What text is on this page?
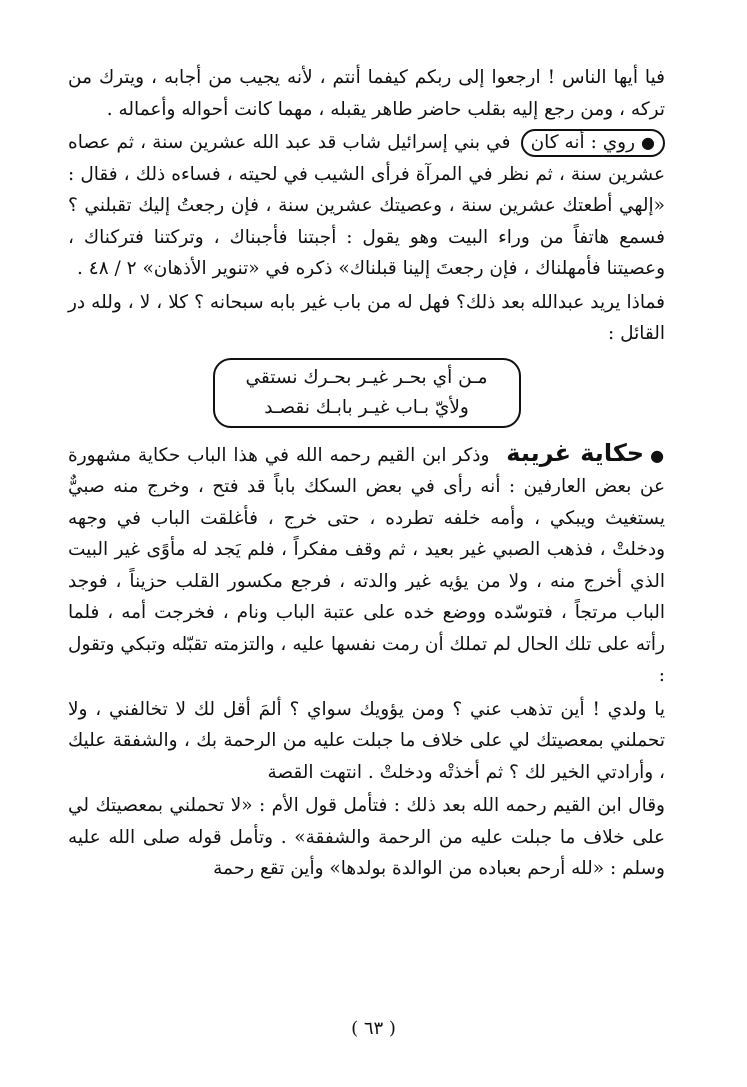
فيا أيها الناس ! ارجعوا إلى ربكم كيفما أنتم ، لأنه يجيب من أجابه ، ويترك من تركه ، ومن رجع إليه بقلب حاضر طاهر يقبله ، مهما كانت أحواله وأعماله .

●روي : أنه كان في بني إسرائيل شاب قد عبد الله عشرين سنة ، ثم عصاه عشرين سنة ، ثم نظر في المرآة فرأى الشيب في لحيته ، فساءه ذلك ، فقال : «إلهي أطعتك عشرين سنة ، وعصيتك عشرين سنة ، فإن رجعتُ إليك تقبلني ؟ فسمع هاتفاً من وراء البيت وهو يقول : أجبتنا فأجبناك ، وتركتنا فتركناك ، وعصيتنا فأمهلناك ، فإن رجعتَ إلينا قبلناك» ذكره في «تنوير الأذهان» ٢ / ٤٨ .

فماذا يريد عبدالله بعد ذلك؟ فهل له من باب غير بابه سبحانه ؟ كلا ، لا ، ولله در القائل :

مـن أي بحـر غيـر بحـرك نستقي
ولأيّ بـاب غيـر بابـك نقصـد

●حكاية غريبة وذكر ابن القيم رحمه الله في هذا الباب حكاية مشهورة عن بعض العارفين : أنه رأى في بعض السكك باباً قد فتح ، وخرج منه صبيٌّ يستغيث ويبكي ، وأمه خلفه تطرده ، حتى خرج ، فأغلقت الباب في وجهه ودخلتْ ، فذهب الصبي غير بعيد ، ثم وقف مفكراً ، فلم يَجد له مأوًى غير البيت الذي أخرج منه ، ولا من يؤيه غير والدته ، فرجع مكسور القلب حزيناً ، فوجد الباب مرتجاً ، فتوسّده ووضع خده على عتبة الباب ونام ، فخرجت أمه ، فلما رأته على تلك الحال لم تملك أن رمت نفسها عليه ، والتزمته تقبّله وتبكي وتقول :

يا ولدي ! أين تذهب عني ؟ ومن يؤويك سواي ؟ ألمَ أقل لك لا تخالفني ، ولا تحملني بمعصيتك لي على خلاف ما جبلت عليه من الرحمة بك ، والشفقة عليك ، وأرادتي الخير لك ؟ ثم أخذتْه ودخلتْ . انتهت القصة

وقال ابن القيم رحمه الله بعد ذلك : فتأمل قول الأم : «لا تحملني بمعصيتك لي على خلاف ما جبلت عليه من الرحمة والشفقة» . وتأمل قوله صلى الله عليه وسلم : «لله أرحم بعباده من الوالدة بولدها» وأين تقع رحمة

( ٦٣ )
